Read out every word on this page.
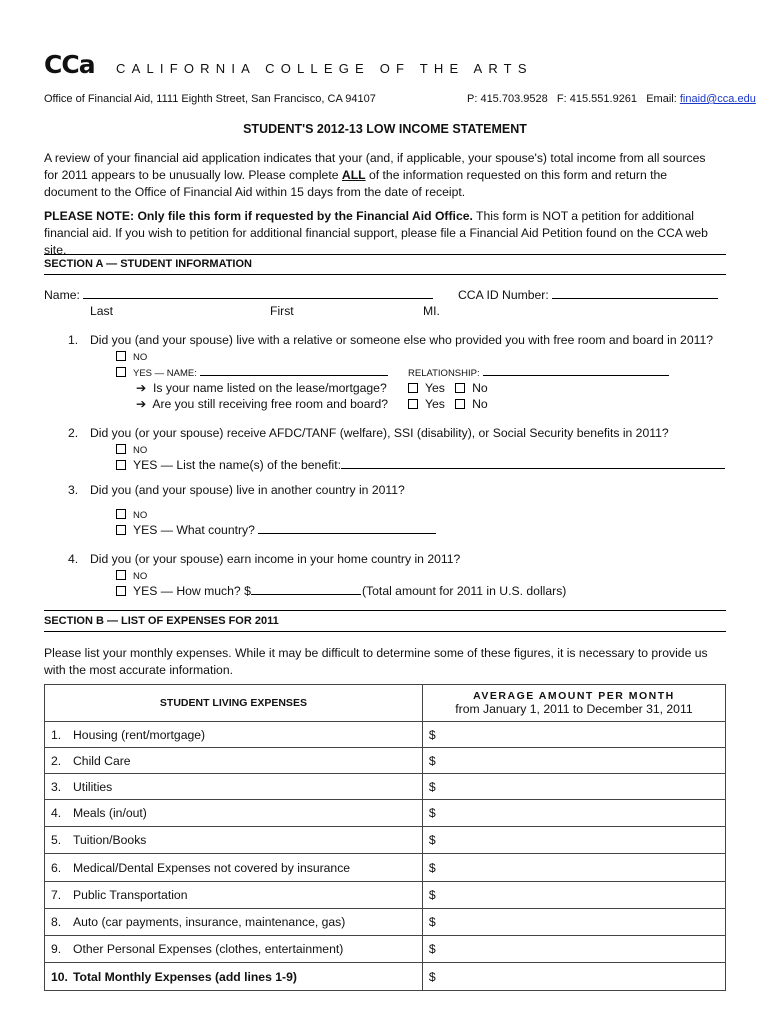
CCa CALIFORNIA COLLEGE OF THE ARTS
Office of Financial Aid, 1111 Eighth Street, San Francisco, CA 94107	P: 415.703.9528 F: 415.551.9261 Email: finaid@cca.edu
STUDENT'S 2012-13 LOW INCOME STATEMENT
A review of your financial aid application indicates that your (and, if applicable, your spouse's) total income from all sources for 2011 appears to be unusually low. Please complete ALL of the information requested on this form and return the document to the Office of Financial Aid within 15 days from the date of receipt.
PLEASE NOTE: Only file this form if requested by the Financial Aid Office. This form is NOT a petition for additional financial aid. If you wish to petition for additional financial support, please file a Financial Aid Petition found on the CCA web site.
SECTION A — STUDENT INFORMATION
Name:	CCA ID Number:
Last	First	MI.
1. Did you (and your spouse) live with a relative or someone else who provided you with free room and board in 2011?
NO
YES — NAME:	RELATIONSHIP:
➔ Is your name listed on the lease/mortgage?	Yes No
➔ Are you still receiving free room and board?	Yes No
2. Did you (or your spouse) receive AFDC/TANF (welfare), SSI (disability), or Social Security benefits in 2011?
NO
YES — List the name(s) of the benefit:
3. Did you (and your spouse) live in another country in 2011?
NO
YES — What country?
4. Did you (or your spouse) earn income in your home country in 2011?
NO
YES — How much? $	(Total amount for 2011 in U.S. dollars)
SECTION B — LIST OF EXPENSES FOR 2011
Please list your monthly expenses. While it may be difficult to determine some of these figures, it is necessary to provide us with the most accurate information.
STUDENT LIVING EXPENSES	AVERAGE AMOUNT PER MONTH
from January 1, 2011 to December 31, 2011

1. Housing (rent/mortgage)	$
2. Child Care	$
3. Utilities	$
4. Meals (in/out)	$
5. Tuition/Books	$
6. Medical/Dental Expenses not covered by insurance	$
7. Public Transportation	$
8. Auto (car payments, insurance, maintenance, gas)	$
9. Other Personal Expenses (clothes, entertainment)	$
10. Total Monthly Expenses (add lines 1-9)	$
